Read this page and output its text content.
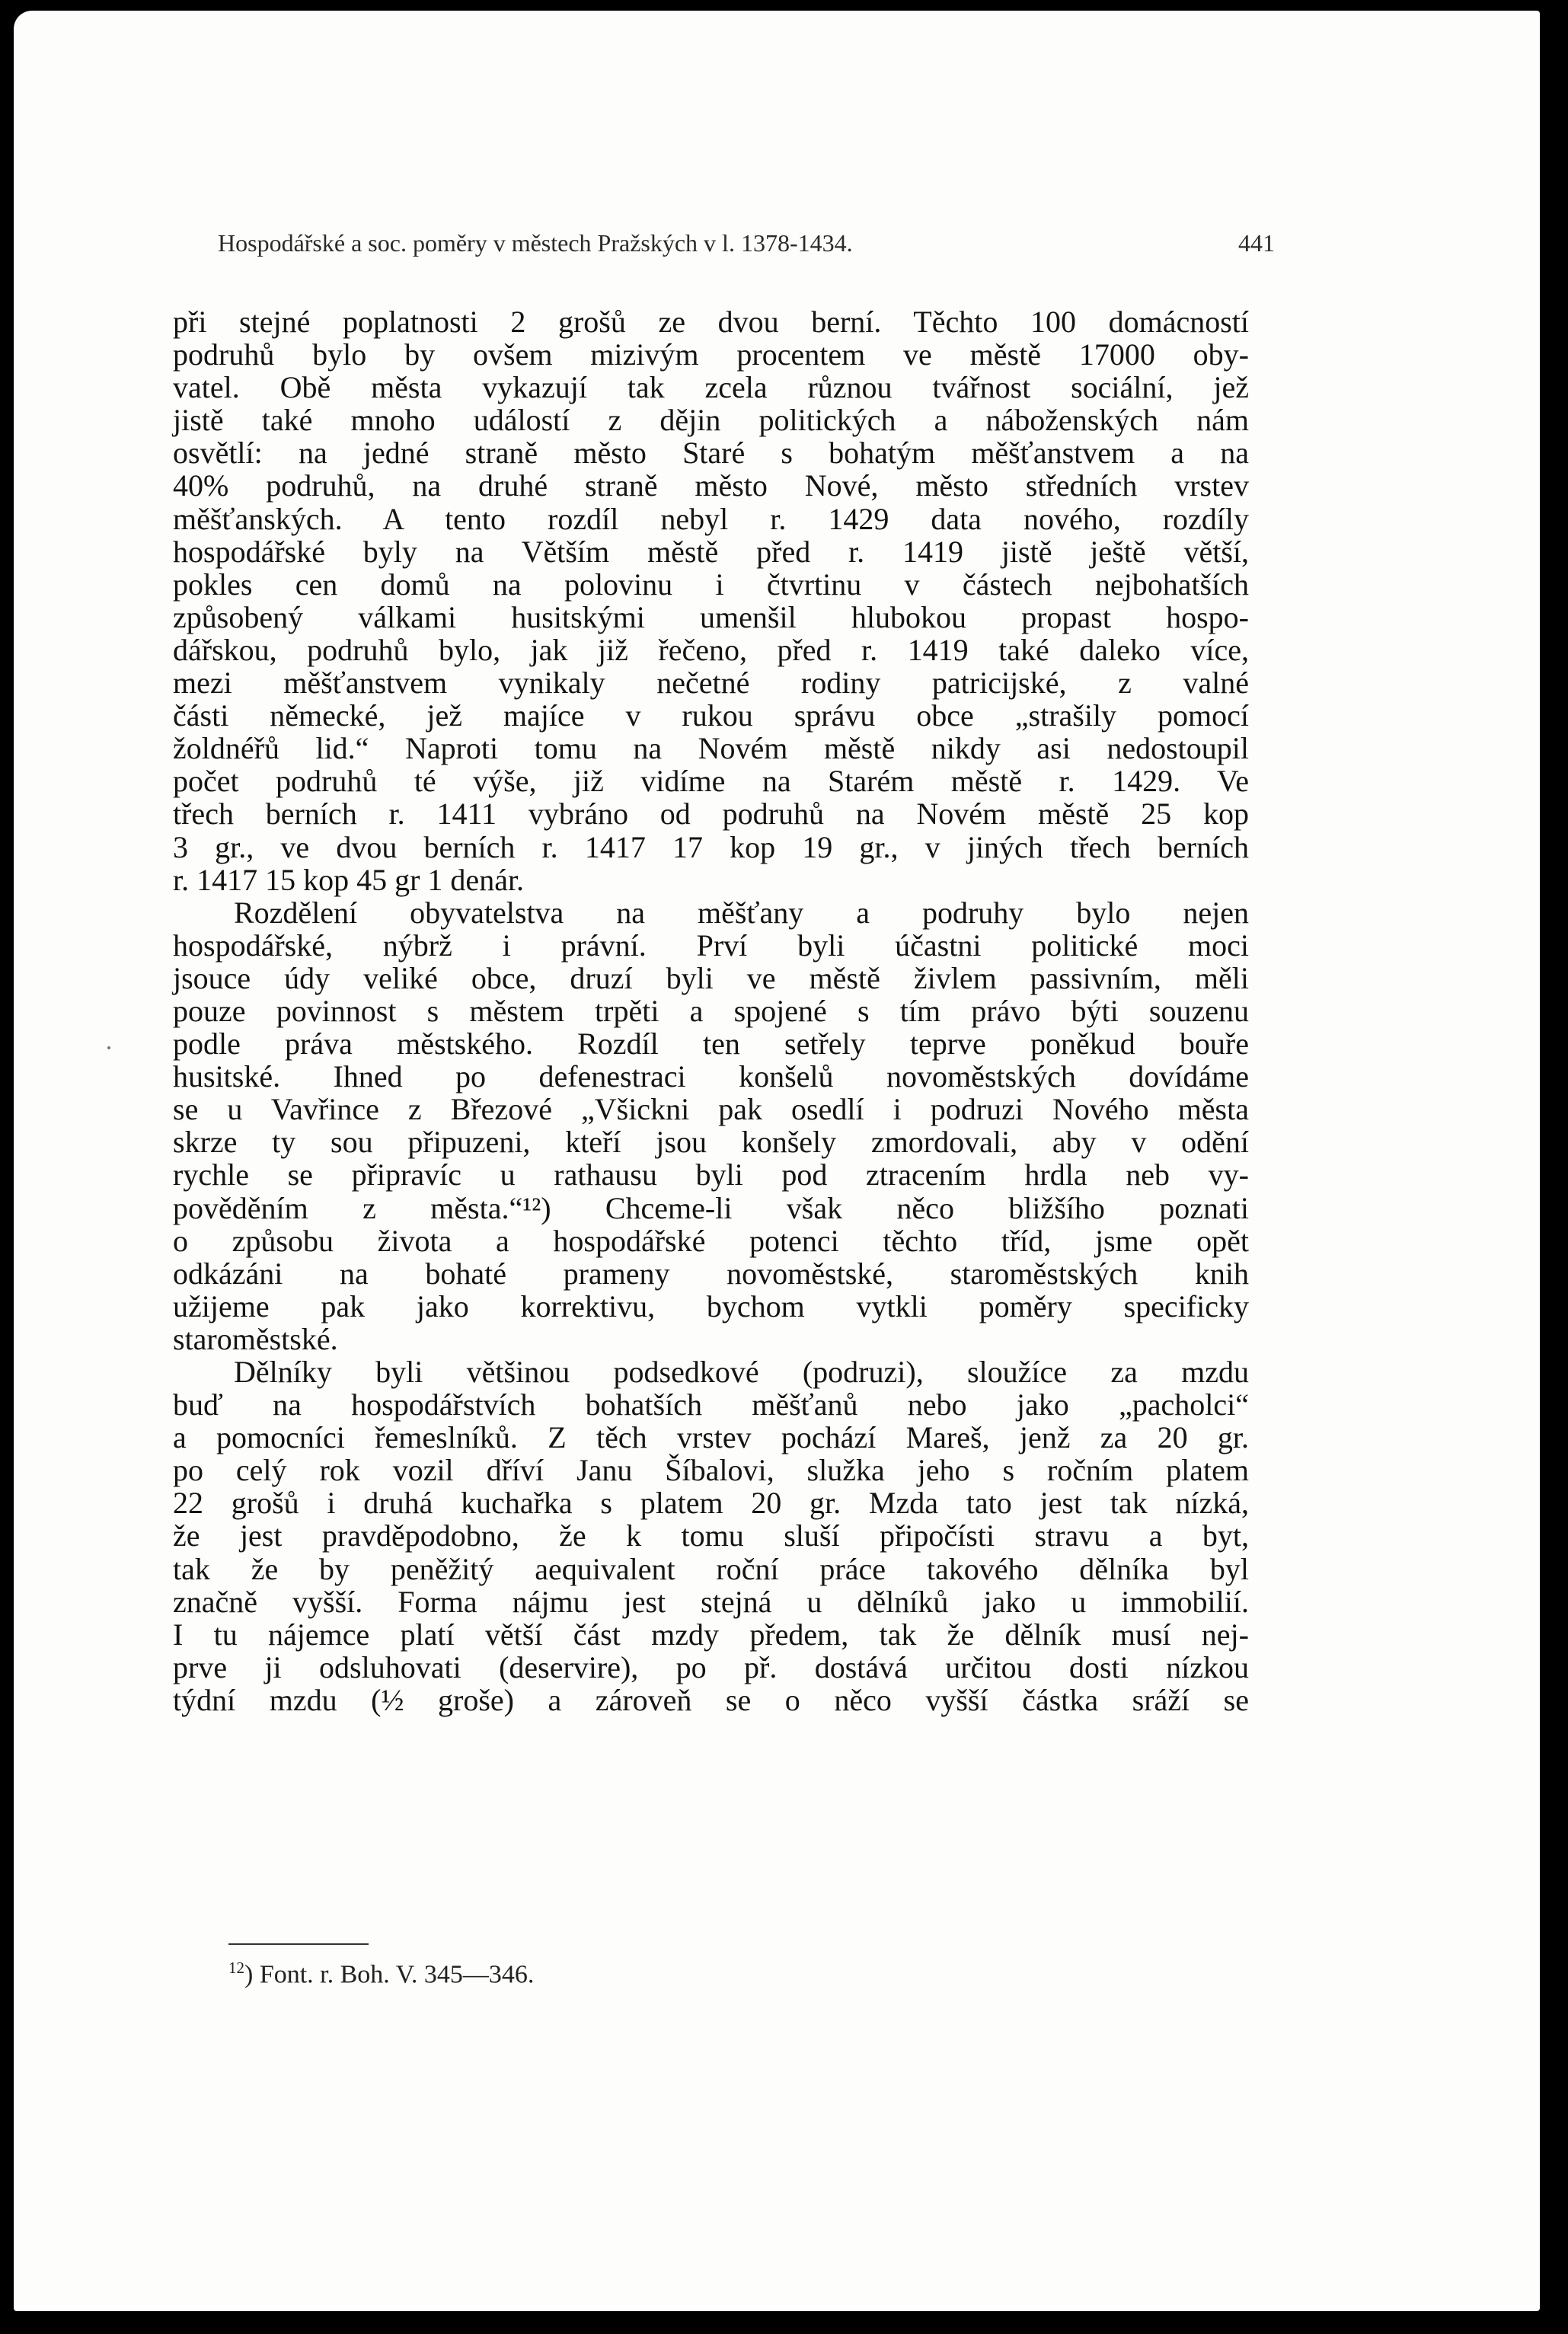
Hospodářské a soc. poměry v městech Pražských v l. 1378-1434.	441
při stejné poplatnosti 2 grošů ze dvou berní. Těchto 100 domácností
podruhů bylo by ovšem mizivým procentem ve městě 17000 oby-
vatel. Obě města vykazují tak zcela různou tvářnost sociální, jež
jistě také mnoho událostí z dějin politických a náboženských nám
osvětlí: na jedné straně město Staré s bohatým měšťanstvem a na
40% podruhů, na druhé straně město Nové, město středních vrstev
měšťanských. A tento rozdíl nebyl r. 1429 data nového, rozdíly
hospodářské byly na Větším městě před r. 1419 jistě ještě větší,
pokles cen domů na polovinu i čtvrtinu v částech nejbohatších
způsobený válkami husitskými umenšil hlubokou propast hospo-
dářskou, podruhů bylo, jak již řečeno, před r. 1419 také daleko více,
mezi měšťanstvem vynikaly nečetné rodiny patricijské, z valné
části německé, jež majíce v rukou správu obce „strašily pomocí
žoldnéřů lid.“ Naproti tomu na Novém městě nikdy asi nedostoupil
počet podruhů té výše, již vidíme na Starém městě r. 1429. Ve
třech berních r. 1411 vybráno od podruhů na Novém městě 25 kop
3 gr., ve dvou berních r. 1417 17 kop 19 gr., v jiných třech berních
r. 1417 15 kop 45 gr 1 denár.
Rozdělení obyvatelstva na měšťany a podruhy bylo nejen
hospodářské, nýbrž i právní. Prví byli účastni politické moci
jsouce údy veliké obce, druzí byli ve městě živlem passivním, měli
pouze povinnost s městem trpěti a spojené s tím právo býti souzenu
podle práva městského. Rozdíl ten setřely teprve poněkud bouře
husitské. Ihned po defenestraci konšelů novoměstských dovídáme
se u Vavřince z Březové „Všickni pak osedlí i podruzi Nového města
skrze ty sou připuzeni, kteří jsou konšely zmordovali, aby v odění
rychle se připravíc u rathausu byli pod ztracením hrdla neb vy-
pověděním z města.“¹²) Chceme-li však něco bližšího poznati
o způsobu života a hospodářské potenci těchto tříd, jsme opět
odkázáni na bohaté prameny novoměstské, staroměstských knih
užijeme pak jako korrektivu, bychom vytkli poměry specificky
staroměstské.
Dělníky byli většinou podsedkové (podruzi), sloužíce za mzdu
buď na hospodářstvích bohatších měšťanů nebo jako „pacholci“
a pomocníci řemeslníků. Z těch vrstev pochází Mareš, jenž za 20 gr.
po celý rok vozil dříví Janu Šíbalovi, služka jeho s ročním platem
22 grošů i druhá kuchařka s platem 20 gr. Mzda tato jest tak nízká,
že jest pravděpodobno, že k tomu sluší připočísti stravu a byt,
tak že by peněžitý aequivalent roční práce takového dělníka byl
značně vyšší. Forma nájmu jest stejná u dělníků jako u immobilií.
I tu nájemce platí větší část mzdy předem, tak že dělník musí nej-
prve ji odsluhovati (deservire), po př. dostává určitou dosti nízkou
týdní mzdu (½ groše) a zároveň se o něco vyšší částka sráží se
$^{12}$) Font. r. Boh. V. 345—346.
